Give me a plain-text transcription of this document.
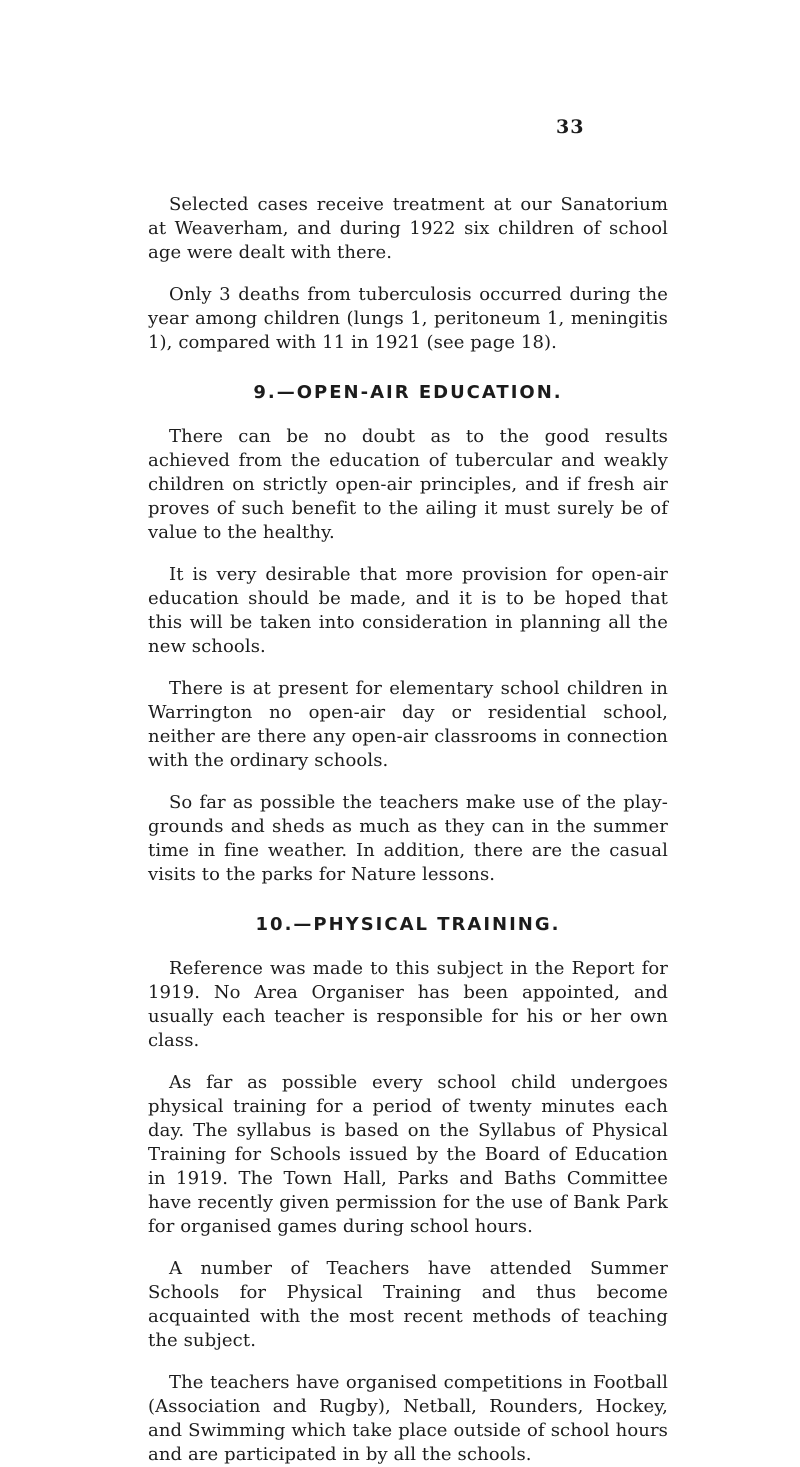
33

Selected cases receive treatment at our Sanatorium at Weaverham, and during 1922 six children of school age were dealt with there.

Only 3 deaths from tuberculosis occurred during the year among children (lungs 1, peritoneum 1, meningitis 1), compared with 11 in 1921 (see page 18).

9.—OPEN-AIR EDUCATION.

There can be no doubt as to the good results achieved from the education of tubercular and weakly children on strictly open-air principles, and if fresh air proves of such benefit to the ailing it must surely be of value to the healthy.

It is very desirable that more provision for open-air education should be made, and it is to be hoped that this will be taken into consideration in planning all the new schools.

There is at present for elementary school children in Warrington no open-air day or residential school, neither are there any open-air classrooms in connection with the ordinary schools.

So far as possible the teachers make use of the play-grounds and sheds as much as they can in the summer time in fine weather. In addition, there are the casual visits to the parks for Nature lessons.

10.—PHYSICAL TRAINING.

Reference was made to this subject in the Report for 1919. No Area Organiser has been appointed, and usually each teacher is responsible for his or her own class.

As far as possible every school child undergoes physical training for a period of twenty minutes each day. The syllabus is based on the Syllabus of Physical Training for Schools issued by the Board of Education in 1919. The Town Hall, Parks and Baths Committee have recently given permission for the use of Bank Park for organised games during school hours.

A number of Teachers have attended Summer Schools for Physical Training and thus become acquainted with the most recent methods of teaching the subject.

The teachers have organised competitions in Football (Association and Rugby), Netball, Rounders, Hockey, and Swimming which take place outside of school hours and are participated in by all the schools.
